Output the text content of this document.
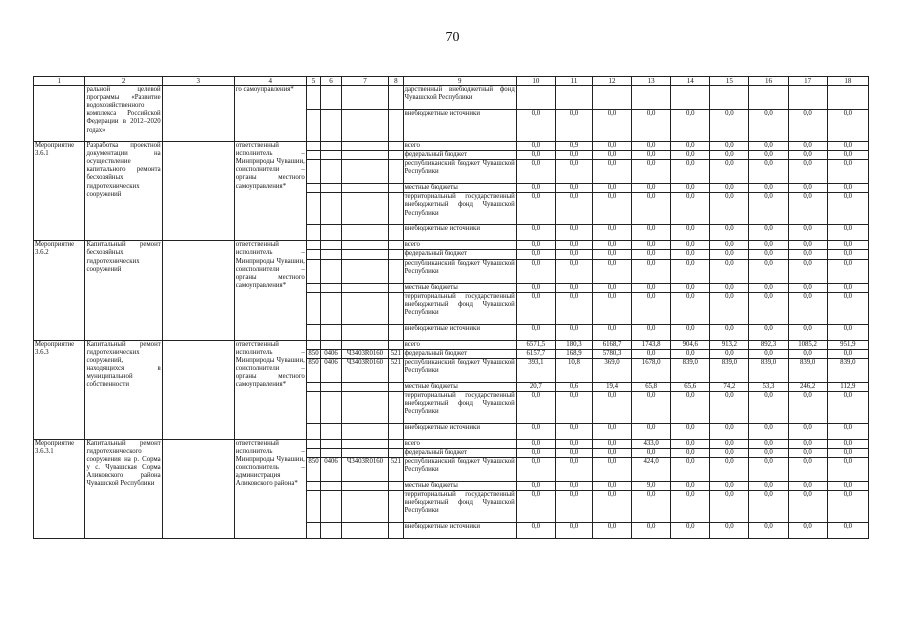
70
1	2	3	4	5	6	7	8	9	10	11	12	13	14	15	16	17	18
	ральной целевой программы «Развитие водохозяйственного комплекса Российской Федерации в 2012–2020 годах»		го самоуправления*					дарственный внебюджетный фонд Чувашской Республики									
								внебюджетные источники	0,0	0,0	0,0	0,0	0,0	0,0	0,0	0,0	0,0
Мероприятие 3.6.1	Разработка проектной документации на осуществление капитального ремонта бесхозяйных гидротехнических сооружений		ответственный исполнитель – Минприроды Чувашии, соисполнители – органы местного самоуправления*					всего	0,0	0,9	0,0	0,0	0,0	0,0	0,0	0,0	0,0
								федеральный бюджет	0,0	0,0	0,0	0,0	0,0	0,0	0,0	0,0	0,0
								республиканский бюджет Чувашской Республики	0,0	0,0	0,0	0,0	0,0	0,0	0,0	0,0	0,0
								местные бюджеты	0,0	0,0	0,0	0,0	0,0	0,0	0,0	0,0	0,0
								территориальный государственный внебюджетный фонд Чувашской Республики	0,0	0,0	0,0	0,0	0,0	0,0	0,0	0,0	0,0
								внебюджетные источники	0,0	0,0	0,0	0,0	0,0	0,0	0,0	0,0	0,0
Мероприятие 3.6.2	Капитальный ремонт бесхозяйных гидротехнических сооружений		ответственный исполнитель – Минприроды Чувашии, соисполнители – органы местного самоуправления*					всего	0,0	0,0	0,0	0,0	0,0	0,0	0,0	0,0	0,0
								федеральный бюджет	0,0	0,0	0,0	0,0	0,0	0,0	0,0	0,0	0,0
								республиканский бюджет Чувашской Республики	0,0	0,0	0,0	0,0	0,0	0,0	0,0	0,0	0,0
								местные бюджеты	0,0	0,0	0,0	0,0	0,0	0,0	0,0	0,0	0,0
								территориальный государственный внебюджетный фонд Чувашской Республики	0,0	0,0	0,0	0,0	0,0	0,0	0,0	0,0	0,0
								внебюджетные источники	0,0	0,0	0,0	0,0	0,0	0,0	0,0	0,0	0,0
Мероприятие 3.6.3	Капитальный ремонт гидротехнических сооружений, находящихся в муниципальной собственности		ответственный исполнитель – Минприроды Чувашии, соисполнители – органы местного самоуправления*					всего	6571,5	180,3	6168,7	1743,8	904,6	913,2	892,3	1085,2	951,9
				850	0406	Ч3403R0160	521	федеральный бюджет	6157,7	168,9	5780,3	0,0	0,0	0,0	0,0	0,0	0,0
				850	0406	Ч3403R0160	521	республиканский бюджет Чувашской Республики	393,1	10,8	369,0	1678,0	839,0	839,0	839,0	839,0	839,0
								местные бюджеты	20,7	0,6	19,4	65,8	65,6	74,2	53,3	246,2	112,9
								территориальный государственный внебюджетный фонд Чувашской Республики	0,0	0,0	0,0	0,0	0,0	0,0	0,0	0,0	0,0
								внебюджетные источники	0,0	0,0	0,0	0,0	0,0	0,0	0,0	0,0	0,0
Мероприятие 3.6.3.1	Капитальный ремонт гидротехнического сооружения на р. Сорма у с. Чувашская Сорма Аликовского района Чувашской Республики		ответственный исполнитель – Минприроды Чувашии, соисполнитель – администрация Аликовского района*					всего	0,0	0,0	0,0	433,0	0,0	0,0	0,0	0,0	0,0
								федеральный бюджет	0,0	0,0	0,0	0,0	0,0	0,0	0,0	0,0	0,0
				850	0406	Ч3403R0160	521	республиканский бюджет Чувашской Республики	0,0	0,0	0,0	424,0	0,0	0,0	0,0	0,0	0,0
								местные бюджеты	0,0	0,0	0,0	9,0	0,0	0,0	0,0	0,0	0,0
								территориальный государственный внебюджетный фонд Чувашской Республики	0,0	0,0	0,0	0,0	0,0	0,0	0,0	0,0	0,0
								внебюджетные источники	0,0	0,0	0,0	0,0	0,0	0,0	0,0	0,0	0,0
